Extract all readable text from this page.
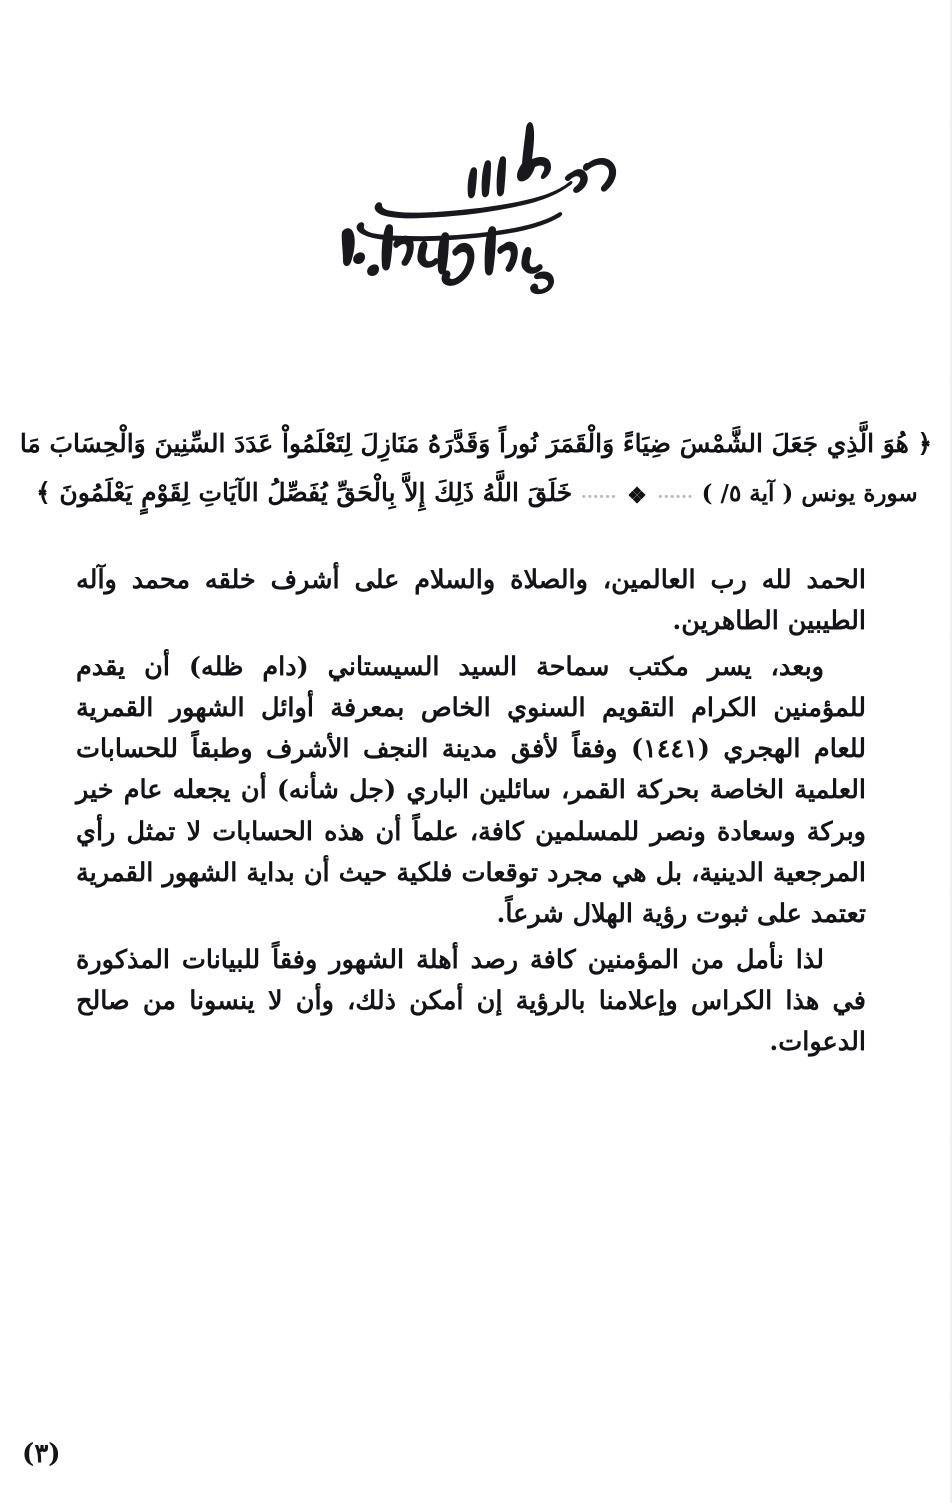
﴿ هُوَ الَّذِي جَعَلَ الشَّمْسَ ضِيَاءً وَالْقَمَرَ نُوراً وَقَدَّرَهُ مَنَازِلَ لِتَعْلَمُواْ عَدَدَ السِّنِينَ وَالْحِسَابَ مَا
سورة يونس ( آية ٥/ ) ...... ❖ ...... خَلَقَ اللَّهُ ذَلِكَ إِلاَّ بِالْحَقِّ يُفَصِّلُ الآيَاتِ لِقَوْمٍ يَعْلَمُونَ ﴾

الحمد لله رب العالمين، والصلاة والسلام على أشرف خلقه محمد وآله الطيبين الطاهرين.

وبعد، يسر مكتب سماحة السيد السيستاني (دام ظله) أن يقدم للمؤمنين الكرام التقويم السنوي الخاص بمعرفة أوائل الشهور القمرية للعام الهجري (١٤٤١) وفقاً لأفق مدينة النجف الأشرف وطبقاً للحسابات العلمية الخاصة بحركة القمر، سائلين الباري (جل شأنه) أن يجعله عام خير وبركة وسعادة ونصر للمسلمين كافة، علماً أن هذه الحسابات لا تمثل رأي المرجعية الدينية، بل هي مجرد توقعات فلكية حيث أن بداية الشهور القمرية تعتمد على ثبوت رؤية الهلال شرعاً.

لذا نأمل من المؤمنين كافة رصد أهلة الشهور وفقاً للبيانات المذكورة في هذا الكراس وإعلامنا بالرؤية إن أمكن ذلك، وأن لا ينسونا من صالح الدعوات.

(٣)
